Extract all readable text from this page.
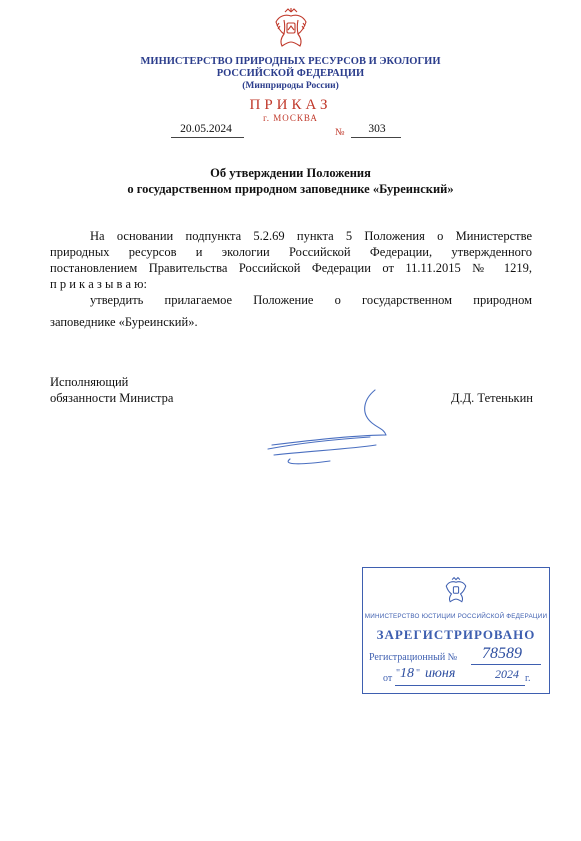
МИНИСТЕРСТВО ПРИРОДНЫХ РЕСУРСОВ И ЭКОЛОГИИ
РОССИЙСКОЙ ФЕДЕРАЦИИ
(Минприроды России)
ПРИКАЗ
г. МОСКВА
20.05.2024	№	303
Об утверждении Положения
о государственном природном заповеднике «Буреинский»
На основании подпункта 5.2.69 пункта 5 Положения о Министерстве
природных ресурсов и экологии Российской Федерации, утвержденного
постановлением Правительства Российской Федерации от 11.11.2015 № 1219,
п р и к а з ы в а ю:
утвердить прилагаемое Положение о государственном природном
заповеднике «Буреинский».
Исполняющий
обязанности Министра	Д.Д. Тетенькин
МИНИСТЕРСТВО ЮСТИЦИИ РОССИЙСКОЙ ФЕДЕРАЦИИ
ЗАРЕГИСТРИРОВАНО
Регистрационный № 78589
от " 18 " июня	2024 г.
